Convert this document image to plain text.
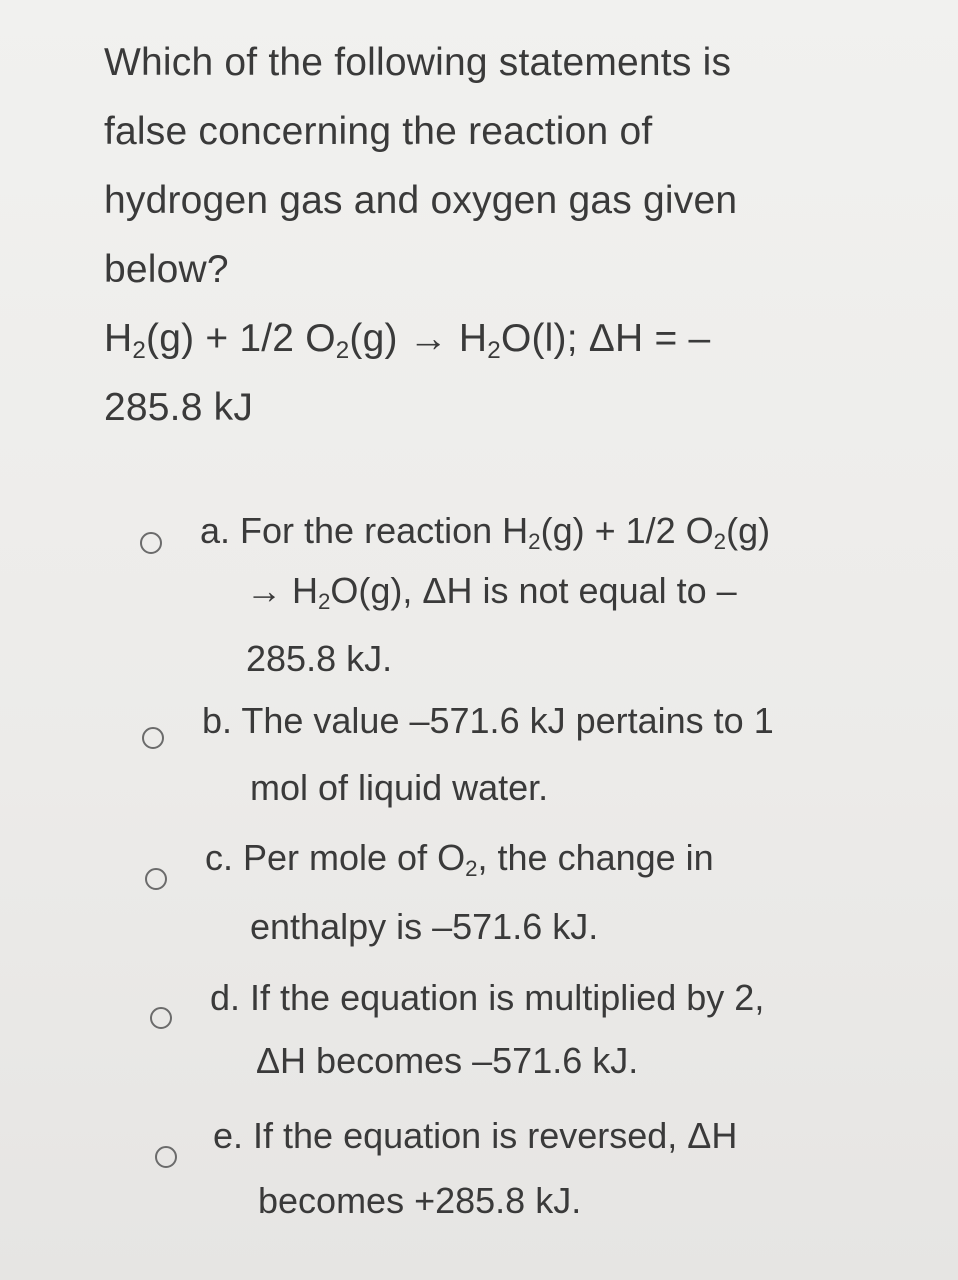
Which of the following statements is
false concerning the reaction of
hydrogen gas and oxygen gas given
below?
$H_2(g) + 1/2$ $O_2(g) \to H_2O(l)$; ΔH = –
285.8 kJ
a. For the reaction $H_2(g) + 1/2$ $O_2(g)$
→ $H_2O(g)$, ΔH is not equal to –
285.8 kJ.
b. The value –571.6 kJ pertains to 1
mol of liquid water.
c. Per mole of $O_2$, the change in
enthalpy is –571.6 kJ.
d. If the equation is multiplied by 2,
ΔH becomes –571.6 kJ.
e. If the equation is reversed, ΔH
becomes +285.8 kJ.
